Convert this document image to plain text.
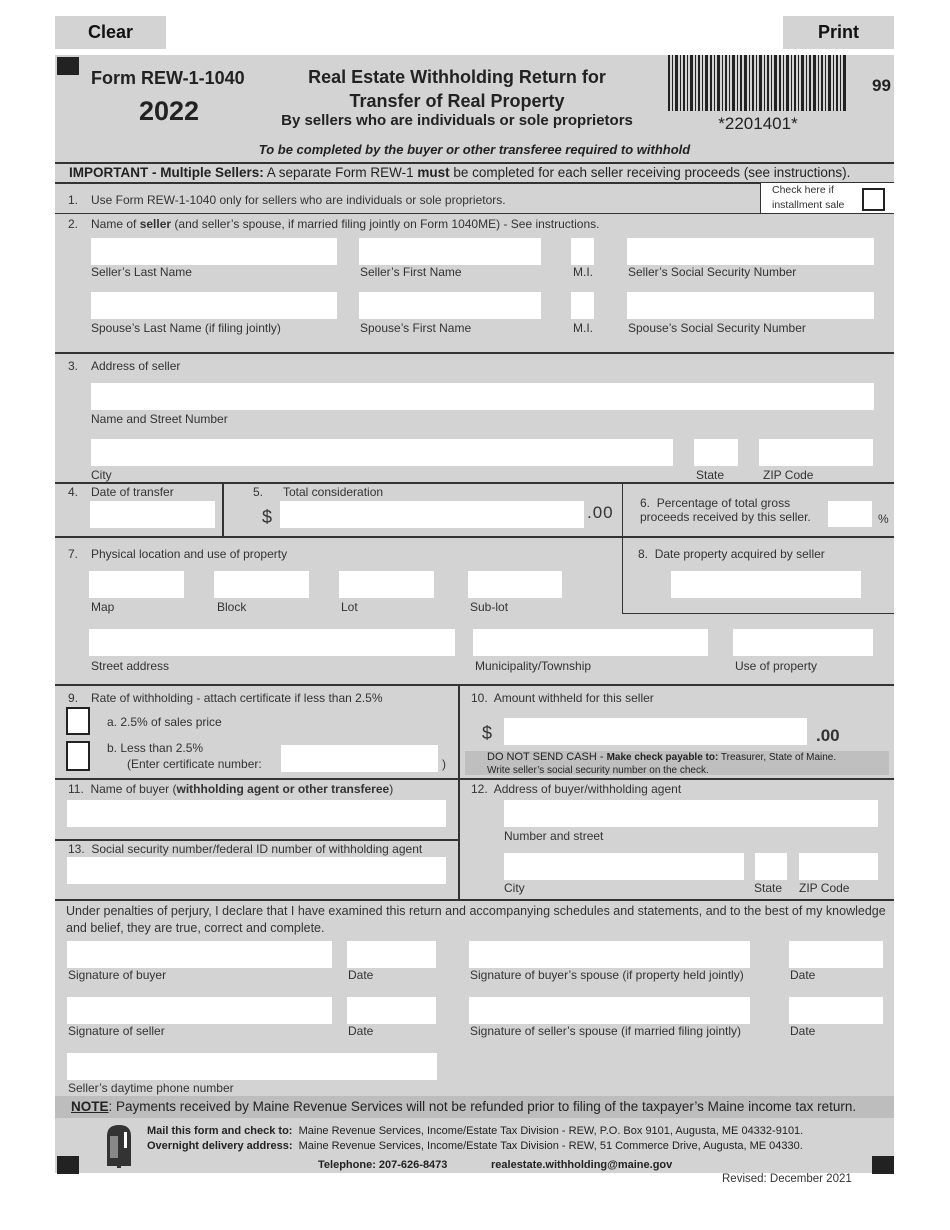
Clear	Print
Form REW-1-1040
2022
Real Estate Withholding Return for
Transfer of Real Property
By sellers who are individuals or sole proprietors	*2201401*
99
To be completed by the buyer or other transferee required to withhold
IMPORTANT - Multiple Sellers: A separate Form REW-1 must be completed for each seller receiving proceeds (see instructions).
1. Use Form REW-1-1040 only for sellers who are individuals or sole proprietors.
Check here if
installment sale
2. Name of seller (and seller’s spouse, if married filing jointly on Form 1040ME) - See instructions.
Seller’s Last Name	Seller’s First Name	M.I.	Seller’s Social Security Number
Spouse’s Last Name (if filing jointly)	Spouse’s First Name	M.I.	Spouse’s Social Security Number
3. Address of seller
Name and Street Number
City	State	ZIP Code
4. Date of transfer	5. Total consideration
$	.00 6. Percentage of total gross
proceeds received by this seller.	%
7. Physical location and use of property
Map	Block	Lot	Sub-lot
8. Date property acquired by seller
Street address	Municipality/Township	Use of property
9. Rate of withholding - attach certificate if less than 2.5%
a. 2.5% of sales price
b. Less than 2.5%
(Enter certificate number:	)
10. Amount withheld for this seller
$	.00
DO NOT SEND CASH - Make check payable to: Treasurer, State of Maine.
Write seller’s social security number on the check.
11. Name of buyer (withholding agent or other transferee)
13. Social security number/federal ID number of withholding agent
12. Address of buyer/withholding agent
Number and street
City	State ZIP Code
Under penalties of perjury, I declare that I have examined this return and accompanying schedules and statements, and to the best of my knowledge and belief, they are true, correct and complete.
Signature of buyer	Date	Signature of buyer’s spouse (if property held jointly)	Date
Signature of seller	Date	Signature of seller’s spouse (if married filing jointly)	Date
Seller’s daytime phone number
NOTE: Payments received by Maine Revenue Services will not be refunded prior to filing of the taxpayer’s Maine income tax return.
Mail this form and check to: Maine Revenue Services, Income/Estate Tax Division - REW, P.O. Box 9101, Augusta, ME 04332-9101.
Overnight delivery address: Maine Revenue Services, Income/Estate Tax Division - REW, 51 Commerce Drive, Augusta, ME 04330.
Telephone: 207-626-8473	realestate.withholding@maine.gov
Revised: December 2021
